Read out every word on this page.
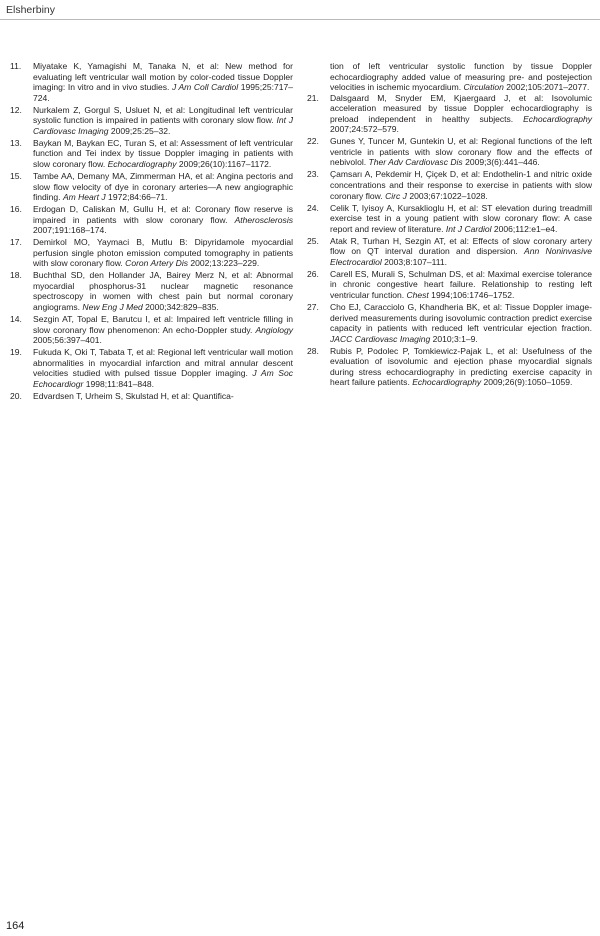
Elsherbiny
11.	Miyatake K, Yamagishi M, Tanaka N, et al: New method for evaluating left ventricular wall motion by color-coded tissue Doppler imaging: In vitro and in vivo studies. J Am Coll Cardiol 1995;25:717–724.
12.	Nurkalem Z, Gorgul S, Usluet N, et al: Longitudinal left ventricular systolic function is impaired in patients with coronary slow flow. Int J Cardiovasc Imaging 2009;25:25–32.
13.	Baykan M, Baykan EC, Turan S, et al: Assessment of left ventricular function and Tei index by tissue Doppler imaging in patients with slow coronary flow. Echocardiography 2009;26(10):1167–1172.
15.	Tambe AA, Demany MA, Zimmerman HA, et al: Angina pectoris and slow flow velocity of dye in coronary arteries—A new angiographic finding. Am Heart J 1972;84:66–71.
16.	Erdogan D, Caliskan M, Gullu H, et al: Coronary flow reserve is impaired in patients with slow coronary flow. Atherosclerosis 2007;191:168–174.
17.	Demirkol MO, Yaymaci B, Mutlu B: Dipyridamole myocardial perfusion single photon emission computed tomography in patients with slow coronary flow. Coron Artery Dis 2002;13:223–229.
18.	Buchthal SD, den Hollander JA, Bairey Merz N, et al: Abnormal myocardial phosphorus-31 nuclear magnetic resonance spectroscopy in women with chest pain but normal coronary angiograms. New Eng J Med 2000;342:829–835.
14.	Sezgin AT, Topal E, Barutcu I, et al: Impaired left ventricle filling in slow coronary flow phenomenon: An echo-Doppler study. Angiology 2005;56:397–401.
19.	Fukuda K, Oki T, Tabata T, et al: Regional left ventricular wall motion abnormalities in myocardial infarction and mitral annular descent velocities studied with pulsed tissue Doppler imaging. J Am Soc Echocardiogr 1998;11:841–848.
20.	Edvardsen T, Urheim S, Skulstad H, et al: Quantifica-
tion of left ventricular systolic function by tissue Doppler echocardiography added value of measuring pre- and postejection velocities in ischemic myocardium. Circulation 2002;105:2071–2077.
21.	Dalsgaard M, Snyder EM, Kjaergaard J, et al: Isovolumic acceleration measured by tissue Doppler echocardiography is preload independent in healthy subjects. Echocardiography 2007;24:572–579.
22.	Gunes Y, Tuncer M, Guntekin U, et al: Regional functions of the left ventricle in patients with slow coronary flow and the effects of nebivolol. Ther Adv Cardiovasc Dis 2009;3(6):441–446.
23.	Çamsarı A, Pekdemir H, Çiçek D, et al: Endothelin-1 and nitric oxide concentrations and their response to exercise in patients with slow coronary flow. Circ J 2003;67:1022–1028.
24.	Celik T, Iyisoy A, Kursaklioglu H, et al: ST elevation during treadmill exercise test in a young patient with slow coronary flow: A case report and review of literature. Int J Cardiol 2006;112:e1–e4.
25.	Atak R, Turhan H, Sezgin AT, et al: Effects of slow coronary artery flow on QT interval duration and dispersion. Ann Noninvasive Electrocardiol 2003;8:107–111.
26.	Carell ES, Murali S, Schulman DS, et al: Maximal exercise tolerance in chronic congestive heart failure. Relationship to resting left ventricular function. Chest 1994;106:1746–1752.
27.	Cho EJ, Caracciolo G, Khandheria BK, et al: Tissue Doppler image-derived measurements during isovolumic contraction predict exercise capacity in patients with reduced left ventricular ejection fraction. JACC Cardiovasc Imaging 2010;3:1–9.
28.	Rubis P, Podolec P, Tomkiewicz-Pajak L, et al: Usefulness of the evaluation of isovolumic and ejection phase myocardial signals during stress echocardiography in predicting exercise capacity in heart failure patients. Echocardiography 2009;26(9):1050–1059.
164
